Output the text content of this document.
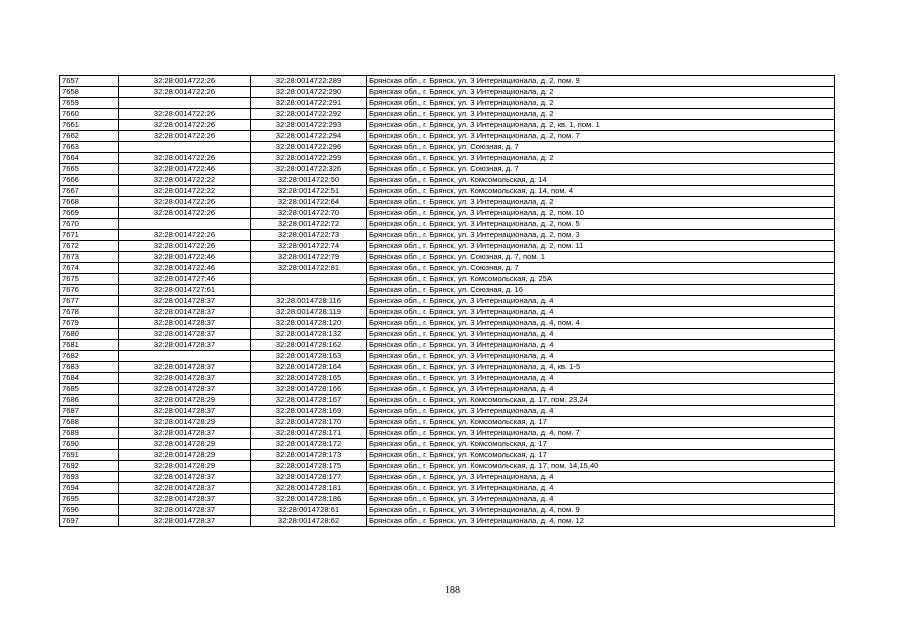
7657	32:28:0014722:26	32:28:0014722:289	Брянская обл., г. Брянск, ул. 3 Интернационала, д. 2, пом. 9
7658	32:28:0014722:26	32:28:0014722:290	Брянская обл., г. Брянск, ул. 3 Интернационала, д. 2
7659		32:28:0014722:291	Брянская обл., г. Брянск, ул. 3 Интернационала, д. 2
7660	32:28:0014722:26	32:28:0014722:292	Брянская обл., г. Брянск, ул. 3 Интернационала, д. 2
7661	32:28:0014722:26	32:28:0014722:293	Брянская обл., г. Брянск, ул. 3 Интернационала, д. 2, кв. 1, пом. 1
7662	32:28:0014722:26	32:28:0014722:294	Брянская обл., г. Брянск, ул. 3 Интернационала, д. 2, пом. 7
7663		32:28:0014722:296	Брянская обл., г. Брянск, ул. Союзная, д. 7
7664	32:28:0014722:26	32:28:0014722:299	Брянская обл., г. Брянск, ул. 3 Интернационала, д. 2
7665	32:28:0014722:46	32:28:0014722:326	Брянская обл., г. Брянск, ул. Союзная, д. 7
7666	32:28:0014722:22	32:28:0014722:50	Брянская обл., г. Брянск, ул. Комсомольская, д. 14
7667	32:28:0014722:22	32:28:0014722:51	Брянская обл., г. Брянск, ул. Комсомольская, д. 14, пом. 4
7668	32:28:0014722:26	32:28:0014722:64	Брянская обл., г. Брянск, ул. 3 Интернационала, д. 2
7669	32:28:0014722:26	32:28:0014722:70	Брянская обл., г. Брянск, ул. 3 Интернационала, д. 2, пом. 10
7670		32:28:0014722:72	Брянская обл., г. Брянск, ул. 3 Интернационала, д. 2, пом. 5
7671	32:28:0014722:26	32:28:0014722:73	Брянская обл., г. Брянск, ул. 3 Интернационала, д. 2, пом. 3
7672	32:28:0014722:26	32:28:0014722:74	Брянская обл., г. Брянск, ул. 3 Интернационала, д. 2, пом. 11
7673	32:28:0014722:46	32:28:0014722:79	Брянская обл., г. Брянск, ул. Союзная, д. 7, пом. 1
7674	32:28:0014722:46	32:28:0014722:81	Брянская обл., г. Брянск, ул. Союзная, д. 7
7675	32:28:0014727:46		Брянская обл., г. Брянск, ул. Комсомольская, д. 25А
7676	32:28:0014727:61		Брянская обл., г. Брянск, ул. Союзная, д. 16
7677	32:28:0014728:37	32:28:0014728:116	Брянская обл., г. Брянск, ул. 3 Интернационала, д. 4
7678	32:28:0014728:37	32:28:0014728:119	Брянская обл., г. Брянск, ул. 3 Интернационала, д. 4
7679	32:28:0014728:37	32:28:0014728:120	Брянская обл., г. Брянск, ул. 3 Интернационала, д. 4, пом. 4
7680	32:28:0014728:37	32:28:0014728:132	Брянская обл., г. Брянск, ул. 3 Интернационала, д. 4
7681	32:28:0014728:37	32:28:0014728:162	Брянская обл., г. Брянск, ул. 3 Интернационала, д. 4
7682		32:28:0014728:163	Брянская обл., г. Брянск, ул. 3 Интернационала, д. 4
7683	32:28:0014728:37	32:28:0014728:164	Брянская обл., г. Брянск, ул. 3 Интернационала, д. 4, кв. 1-5
7684	32:28:0014728:37	32:28:0014728:165	Брянская обл., г. Брянск, ул. 3 Интернационала, д. 4
7685	32:28:0014728:37	32:28:0014728:166	Брянская обл., г. Брянск, ул. 3 Интернационала, д. 4
7686	32:28:0014728:29	32:28:0014728:167	Брянская обл., г. Брянск, ул. Комсомольская, д. 17, пом. 23,24
7687	32:28:0014728:37	32:28:0014728:169	Брянская обл., г. Брянск, ул. 3 Интернационала, д. 4
7688	32:28:0014728:29	32:28:0014728:170	Брянская обл., г. Брянск, ул. Комсомольская, д. 17
7689	32:28:0014728:37	32:28:0014728:171	Брянская обл., г. Брянск, ул. 3 Интернационала, д. 4, пом. 7
7690	32:28:0014728:29	32:28:0014728:172	Брянская обл., г. Брянск, ул. Комсомольская, д. 17
7691	32:28:0014728:29	32:28:0014728:173	Брянская обл., г. Брянск, ул. Комсомольская, д. 17
7692	32:28:0014728:29	32:28:0014728:175	Брянская обл., г. Брянск, ул. Комсомольская, д. 17, пом. 14,15,40
7693	32:28:0014728:37	32:28:0014728:177	Брянская обл., г. Брянск, ул. 3 Интернационала, д. 4
7694	32:28:0014728:37	32:28:0014728:181	Брянская обл., г. Брянск, ул. 3 Интернационала, д. 4
7695	32:28:0014728:37	32:28:0014728:186	Брянская обл., г. Брянск, ул. 3 Интернационала, д. 4
7696	32:28:0014728:37	32:28:0014728:61	Брянская обл., г. Брянск, ул. 3 Интернационала, д. 4, пом. 9
7697	32:28:0014728:37	32:28:0014728:62	Брянская обл., г. Брянск, ул. 3 Интернационала, д. 4, пом. 12
188
